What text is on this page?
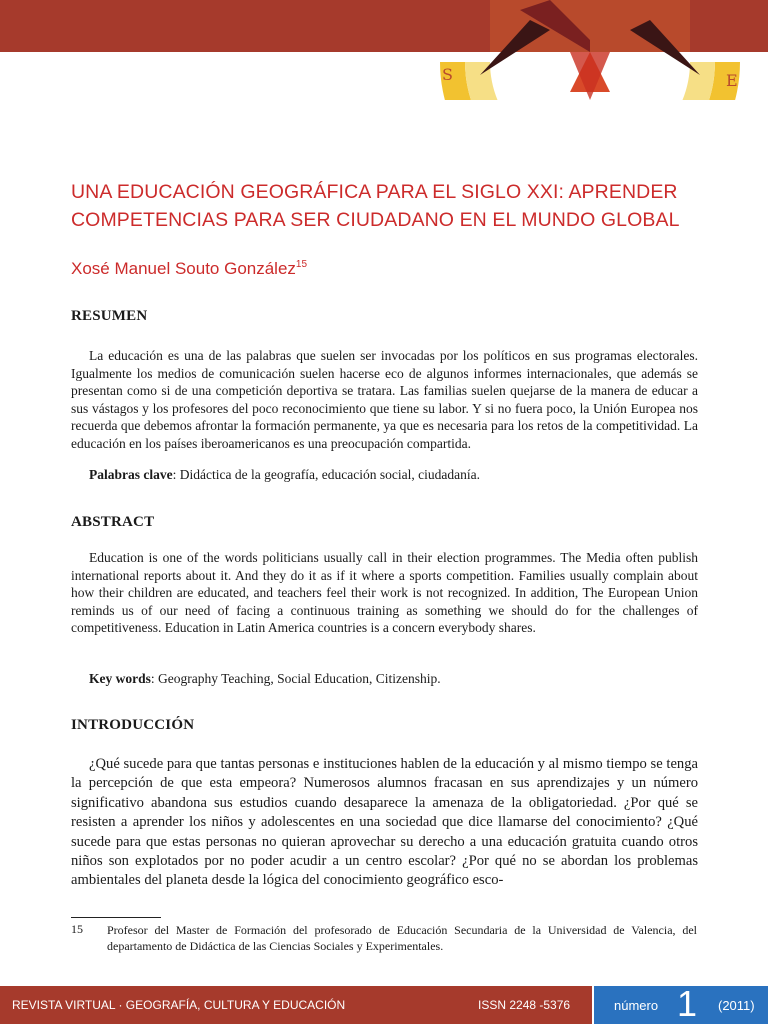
S	E
UNA EDUCACIÓN GEOGRÁFICA PARA EL SIGLO XXI: APRENDER COMPETENCIAS PARA SER CIUDADANO EN EL MUNDO GLOBAL
Xosé Manuel Souto González$^{15}$
RESUMEN

La educación es una de las palabras que suelen ser invocadas por los políticos en sus programas electorales. Igualmente los medios de comunicación suelen hacerse eco de algunos informes internacionales, que además se presentan como si de una competición deportiva se tratara. Las familias suelen quejarse de la manera de educar a sus vástagos y los profesores del poco reconocimiento que tiene su labor. Y si no fuera poco, la Unión Europea nos recuerda que debemos afrontar la formación permanente, ya que es necesaria para los retos de la competitividad. La educación en los países iberoamericanos es una preocupación compartida.

Palabras clave: Didáctica de la geografía, educación social, ciudadanía.

ABSTRACT

Education is one of the words politicians usually call in their election programmes. The Media often publish international reports about it. And they do it as if it where a sports competition. Families usually complain about how their children are educated, and teachers feel their work is not recognized. In addition, The European Union reminds us of our need of facing a continuous training as something we should do for the challenges of competitiveness. Education in Latin America countries is a concern everybody shares.

Key words: Geography Teaching, Social Education, Citizenship.

INTRODUCCIÓN

¿Qué sucede para que tantas personas e instituciones hablen de la educación y al mismo tiempo se tenga la percepción de que esta empeora? Numerosos alumnos fracasan en sus aprendizajes y un número significativo abandona sus estudios cuando desaparece la amenaza de la obligatoriedad. ¿Por qué se resisten a aprender los niños y adolescentes en una sociedad que dice llamarse del conocimiento? ¿Qué sucede para que estas personas no quieran aprovechar su derecho a una educación gratuita cuando otros niños son explotados por no poder acudir a un centro escolar? ¿Por qué no se abordan los problemas ambientales del planeta desde la lógica del conocimiento geográfico esco-

15 Profesor del Master de Formación del profesorado de Educación Secundaria de la Universidad de Valencia, del departamento de Didáctica de las Ciencias Sociales y Experimentales.

REVISTA VIRTUAL · GEOGRAFÍA, CULTURA Y EDUCACIÓN	ISSN 2248 -5376	número 1 (2011)
